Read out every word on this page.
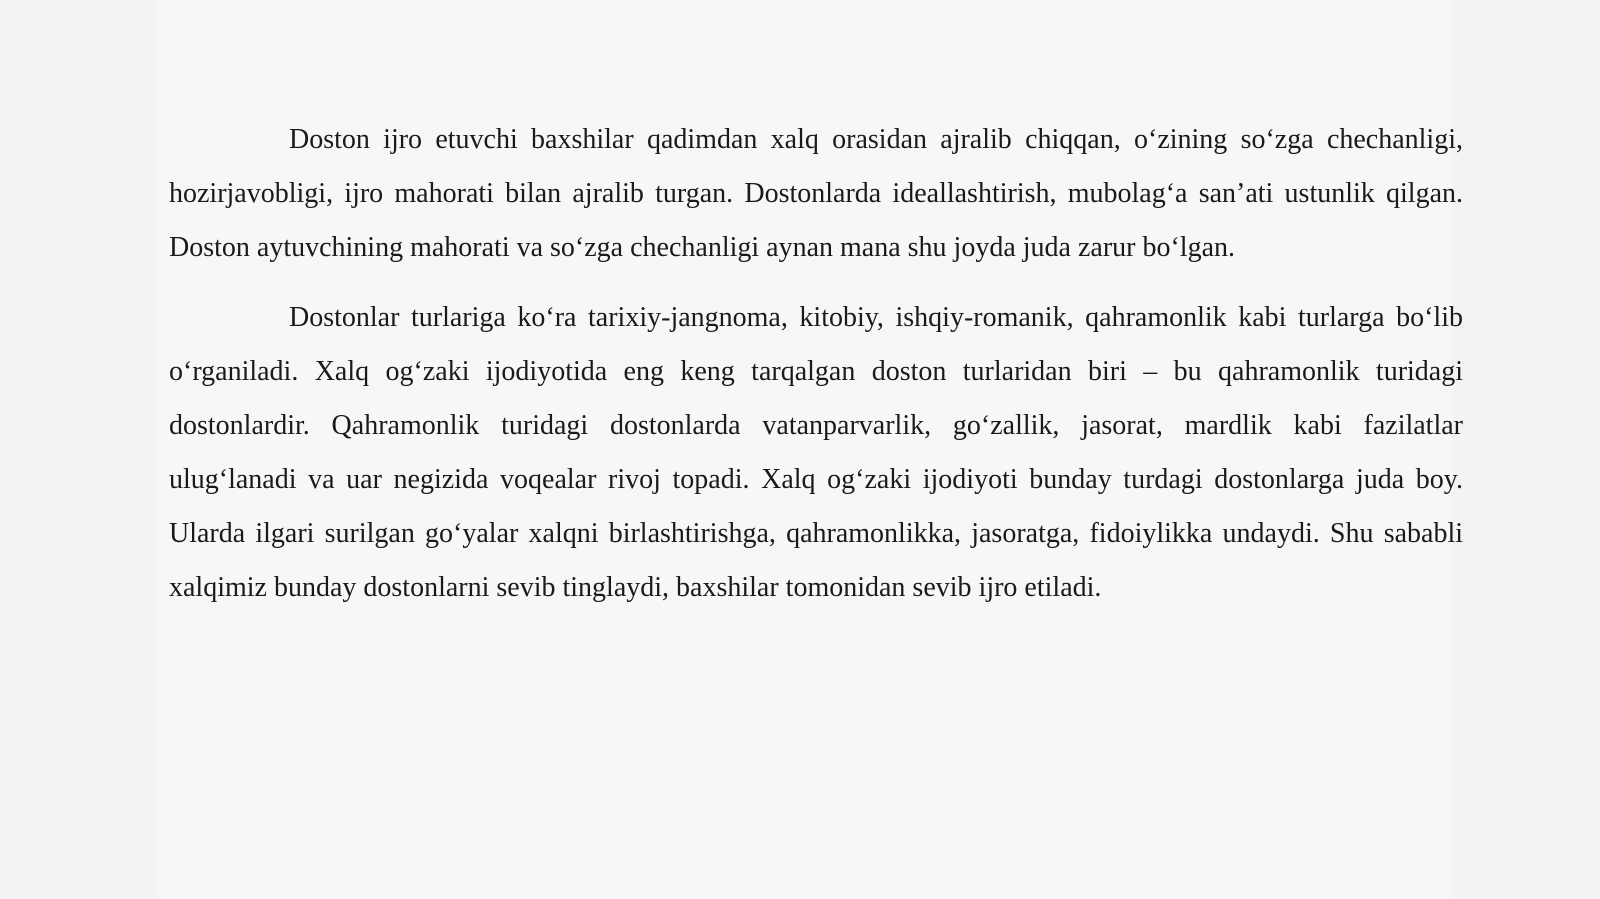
Doston ijro etuvchi baxshilar qadimdan xalq orasidan ajralib chiqqan, o‘zining so‘zga chechanligi, hozirjavobligi, ijro mahorati bilan ajralib turgan. Dostonlarda ideallashtirish, mubolag‘a san’ati ustunlik qilgan. Doston aytuvchining mahorati va so‘zga chechanligi aynan mana shu joyda juda zarur bo‘lgan.

Dostonlar turlariga ko‘ra tarixiy-jangnoma, kitobiy, ishqiy-romanik, qahramonlik kabi turlarga bo‘lib o‘rganiladi. Xalq og‘zaki ijodiyotida eng keng tarqalgan doston turlaridan biri – bu qahramonlik turidagi dostonlardir. Qahramonlik turidagi dostonlarda vatanparvarlik, go‘zallik, jasorat, mardlik kabi fazilatlar ulug‘lanadi va uar negizida voqealar rivoj topadi. Xalq og‘zaki ijodiyoti bunday turdagi dostonlarga juda boy. Ularda ilgari surilgan go‘yalar xalqni birlashtirishga, qahramonlikka, jasoratga, fidoiylikka undaydi. Shu sababli xalqimiz bunday dostonlarni sevib tinglaydi, baxshilar tomonidan sevib ijro etiladi.
